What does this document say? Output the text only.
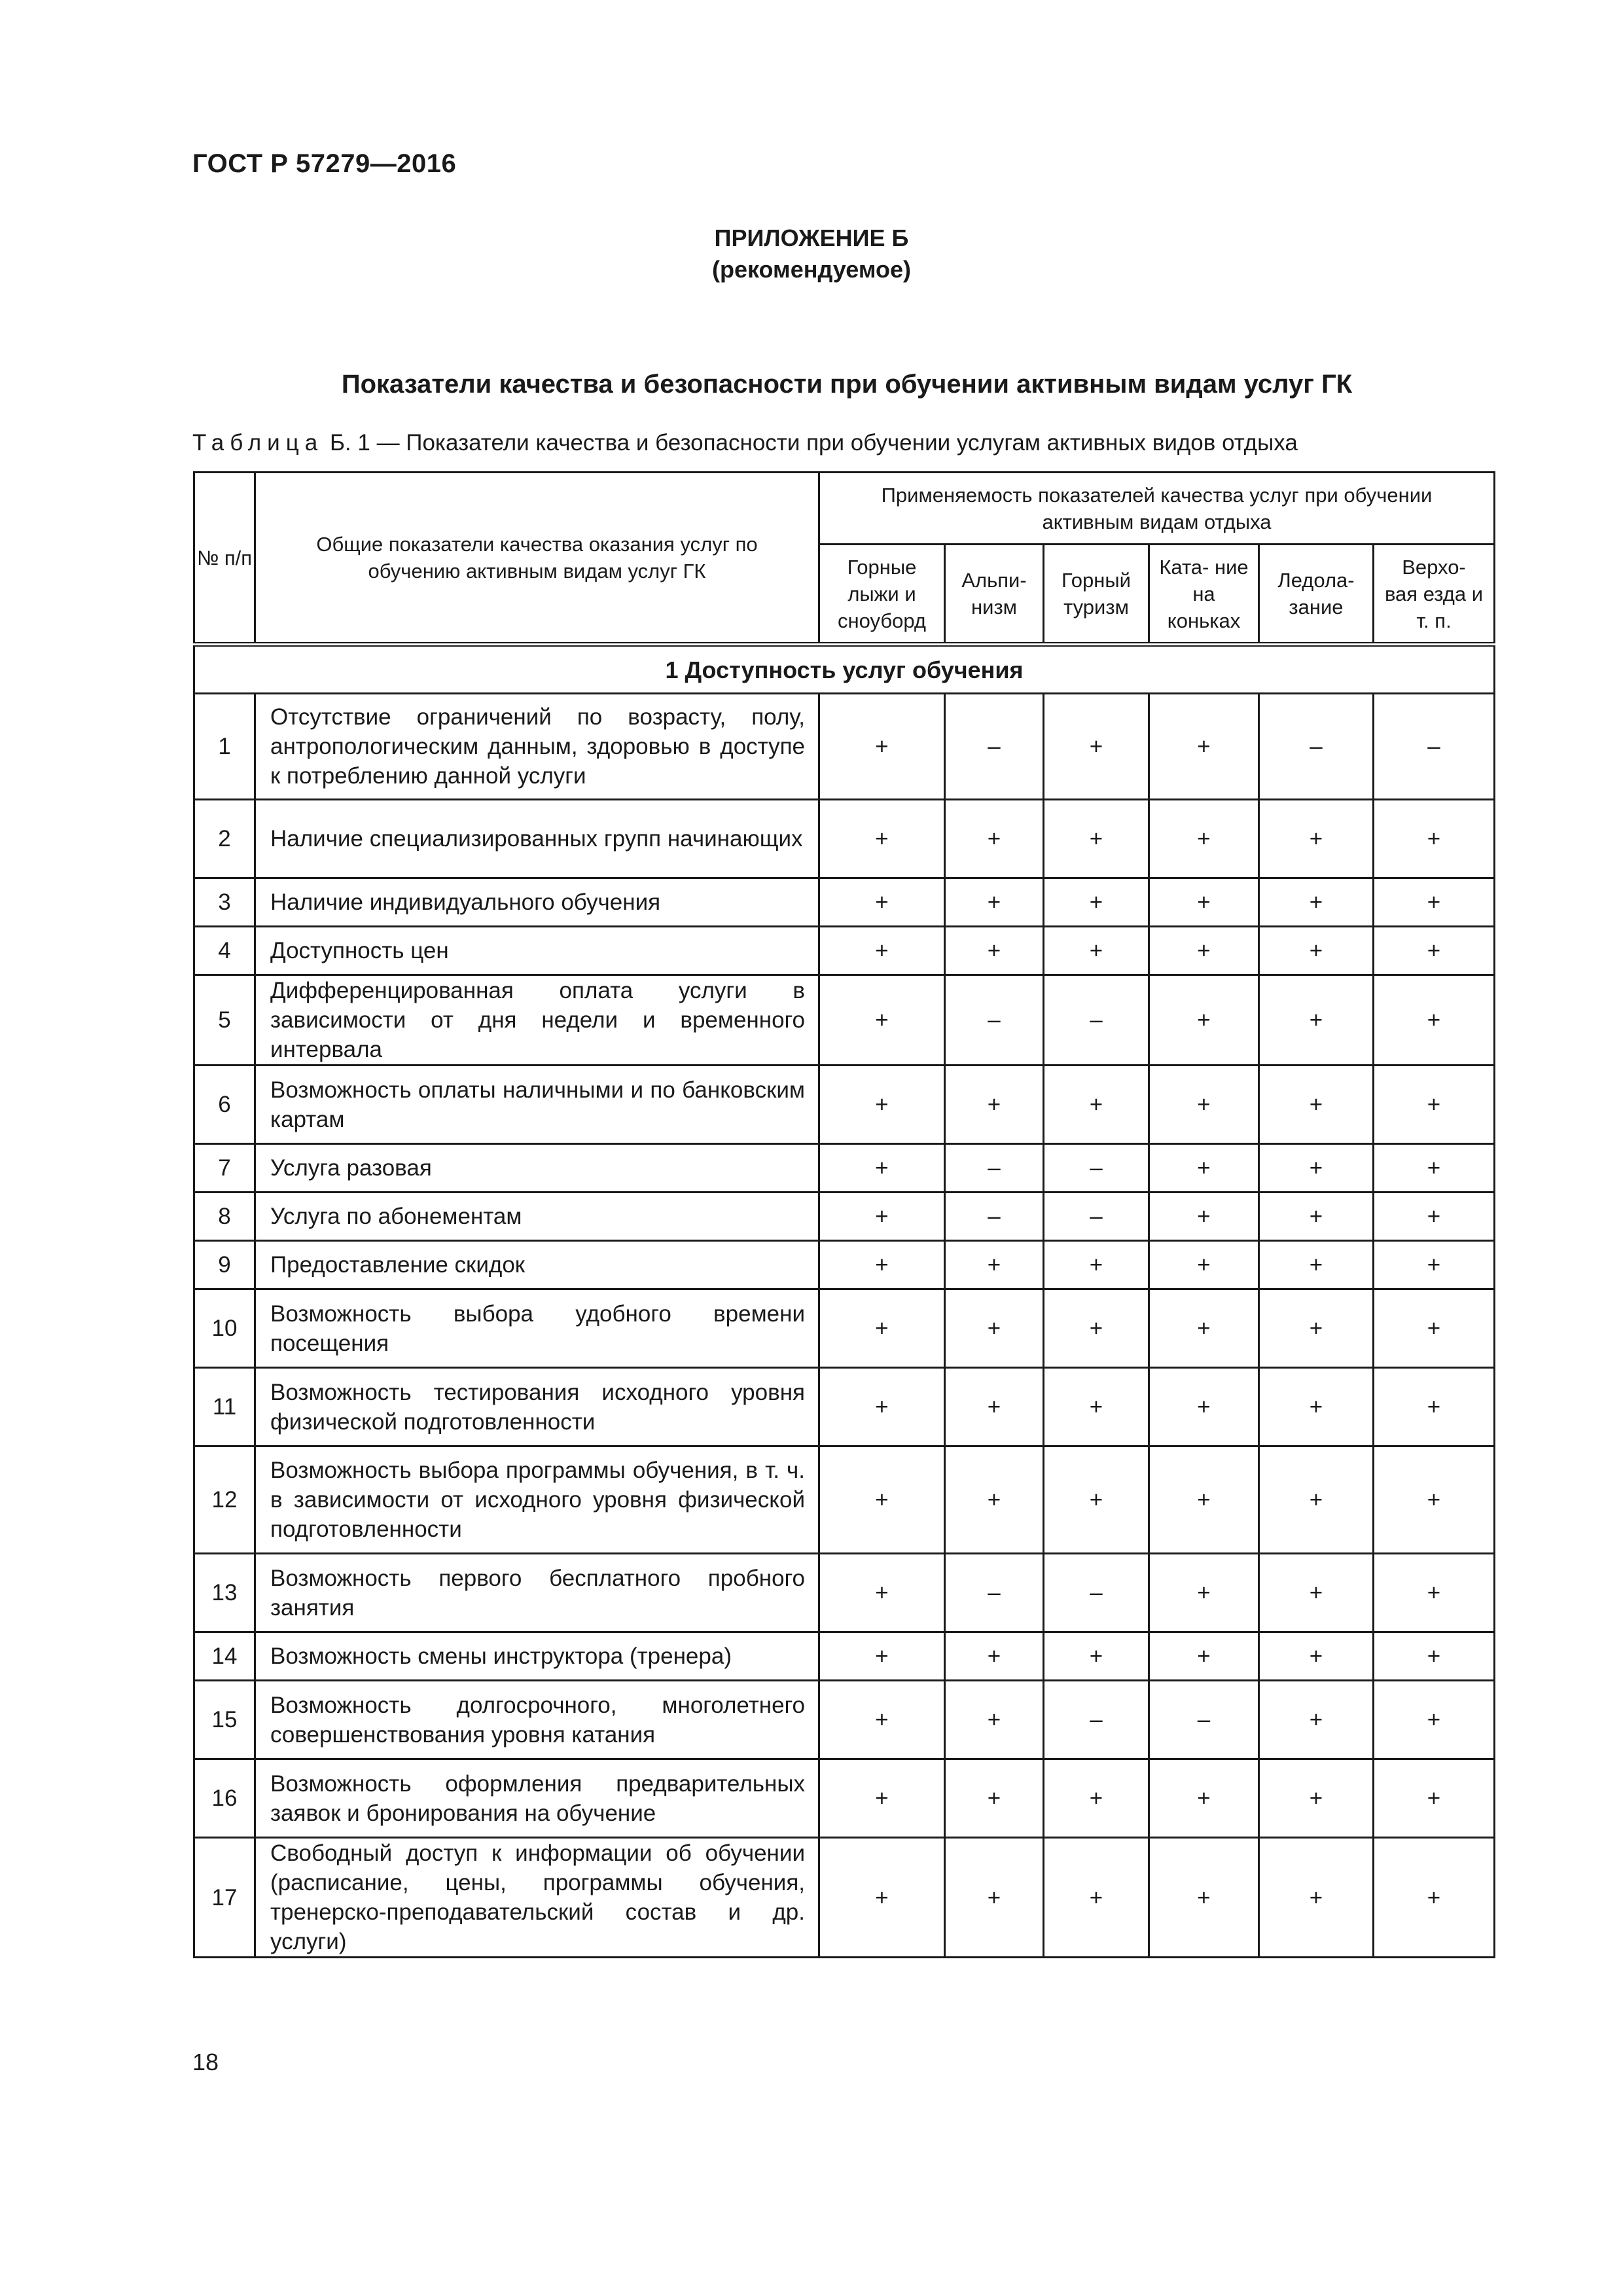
ГОСТ Р 57279—2016
ПРИЛОЖЕНИЕ Б
(рекомендуемое)
Показатели качества и безопасности при обучении активным видам услуг ГК
Таблица Б. 1 — Показатели качества и безопасности при обучении услугам активных видов отдыха
№ п/п	Общие показатели качества оказания услуг по обучению активным видам услуг ГК	Применяемость показателей качества услуг при обучении активным видам отдыха					
		Горные лыжи и сноуборд	Альпи- низм	Горный туризм	Ката- ние на коньках	Ледола- зание	Верхо- вая езда и т. п.
1 Доступность услуг обучения							
1	Отсутствие ограничений по возрасту, полу, антропологическим данным, здоровью в доступе к потреблению данной услуги	+	–	+	+	–	–
2	Наличие специализированных групп начинающих	+	+	+	+	+	+
3	Наличие индивидуального обучения	+	+	+	+	+	+
4	Доступность цен	+	+	+	+	+	+
5	Дифференцированная оплата услуги в зависимости от дня недели и временного интервала	+	–	–	+	+	+
6	Возможность оплаты наличными и по банковским картам	+	+	+	+	+	+
7	Услуга разовая	+	–	–	+	+	+
8	Услуга по абонементам	+	–	–	+	+	+
9	Предоставление скидок	+	+	+	+	+	+
10	Возможность выбора удобного времени посещения	+	+	+	+	+	+
11	Возможность тестирования исходного уровня физической подготовленности	+	+	+	+	+	+
12	Возможность выбора программы обучения, в т. ч. в зависимости от исходного уровня физической подготовленности	+	+	+	+	+	+
13	Возможность первого бесплатного пробного занятия	+	–	–	+	+	+
14	Возможность смены инструктора (тренера)	+	+	+	+	+	+
15	Возможность долгосрочного, многолетнего совершенствования уровня катания	+	+	–	–	+	+
16	Возможность оформления предварительных заявок и бронирования на обучение	+	+	+	+	+	+
17	Свободный доступ к информации об обучении (расписание, цены, программы обучения, тренерско-преподавательский состав и др. услуги)	+	+	+	+	+	+
18
